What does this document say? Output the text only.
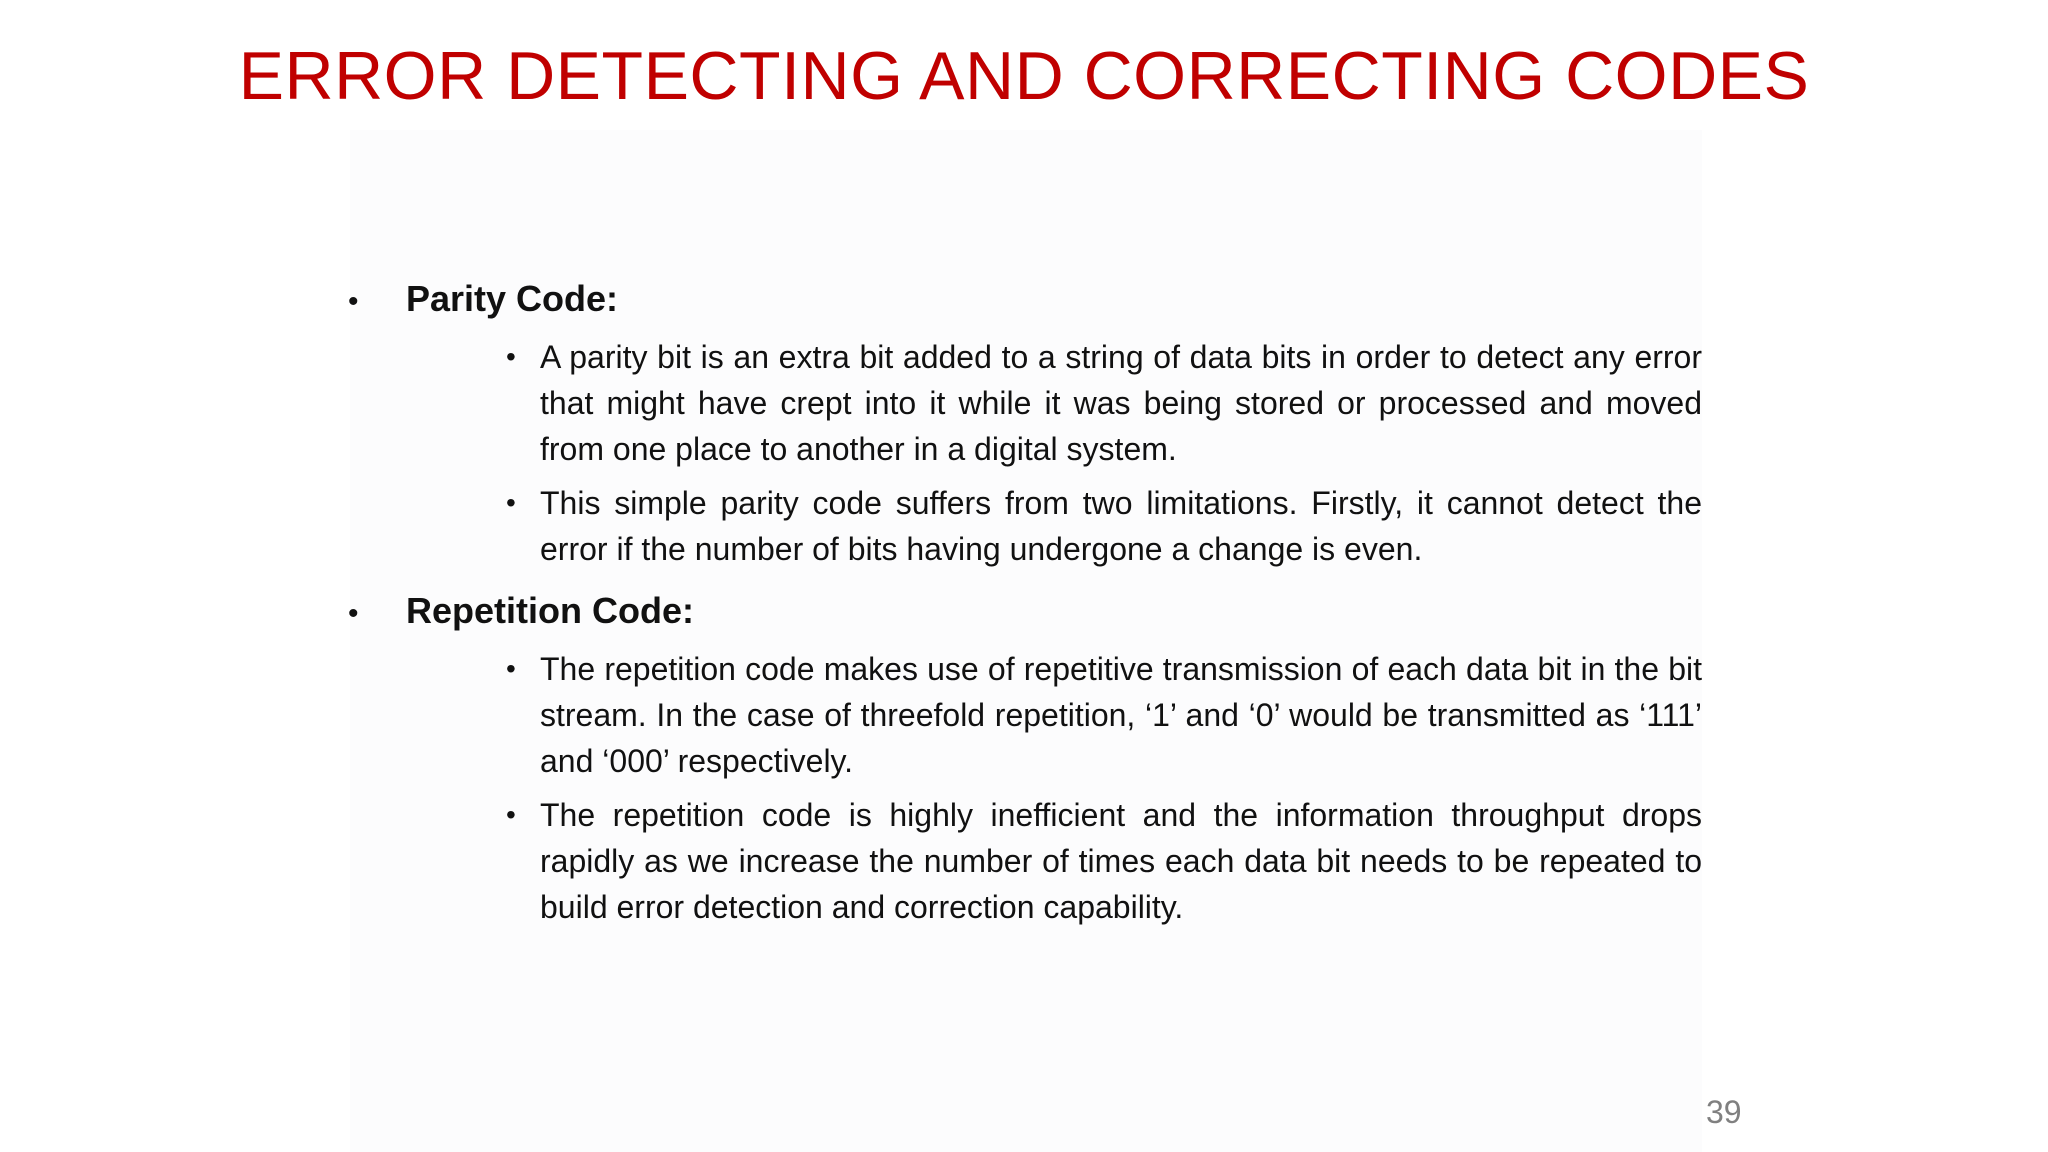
ERROR DETECTING AND CORRECTING CODES
•	Parity Code:
• A parity bit is an extra bit added to a string of data bits in order to detect any error that might have crept into it while it was being stored or processed and moved from one place to another in a digital system.
• This simple parity code suffers from two limitations. Firstly, it cannot detect the error if the number of bits having undergone a change is even.
•	Repetition Code:
• The repetition code makes use of repetitive transmission of each data bit in the bit stream. In the case of threefold repetition, ‘1’ and ‘0’ would be transmitted as ‘111’ and ‘000’ respectively.
• The repetition code is highly inefficient and the information throughput drops rapidly as we increase the number of times each data bit needs to be repeated to build error detection and correction capability.
39
